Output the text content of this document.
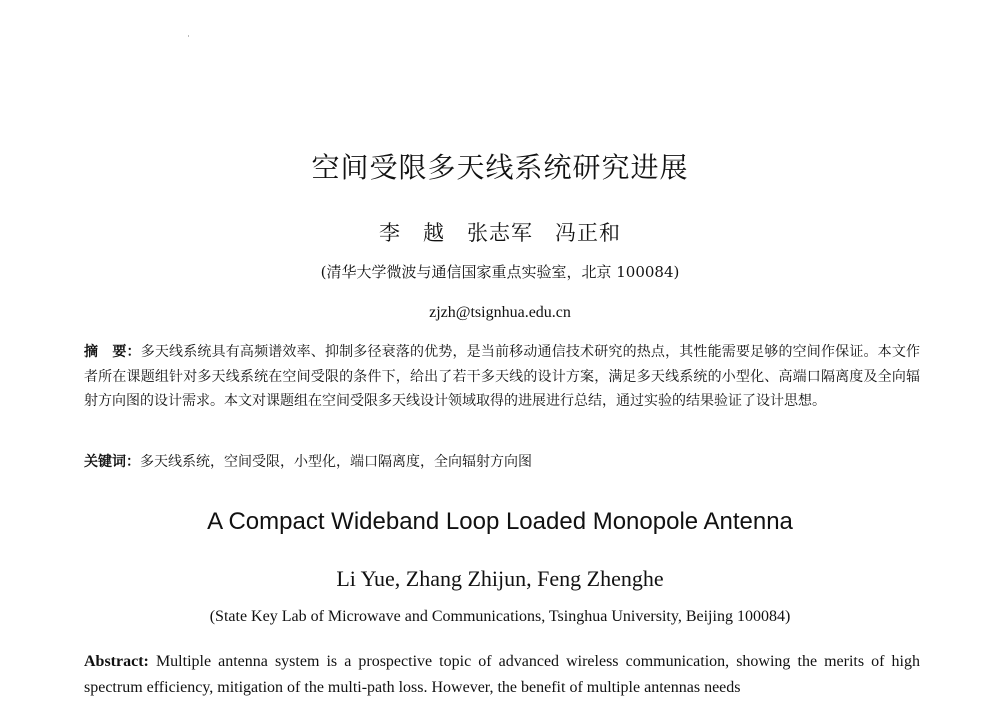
空间受限多天线系统研究进展
李　越　张志军　冯正和
(清华大学微波与通信国家重点实验室，北京 100084)
zjzh@tsignhua.edu.cn
摘　要：多天线系统具有高频谱效率、抑制多径衰落的优势，是当前移动通信技术研究的热点，其性能需要足够的空间作保证。本文作者所在课题组针对多天线系统在空间受限的条件下，给出了若干多天线的设计方案，满足多天线系统的小型化、高端口隔离度及全向辐射方向图的设计需求。本文对课题组在空间受限多天线设计领域取得的进展进行总结，通过实验的结果验证了设计思想。
关键词：多天线系统，空间受限，小型化，端口隔离度，全向辐射方向图
A Compact Wideband Loop Loaded Monopole Antenna
Li Yue, Zhang Zhijun, Feng Zhenghe
(State Key Lab of Microwave and Communications, Tsinghua University, Beijing 100084)
Abstract: Multiple antenna system is a prospective topic of advanced wireless communication, showing the merits of high spectrum efficiency, mitigation of the multi-path loss. However, the benefit of multiple antennas needs
